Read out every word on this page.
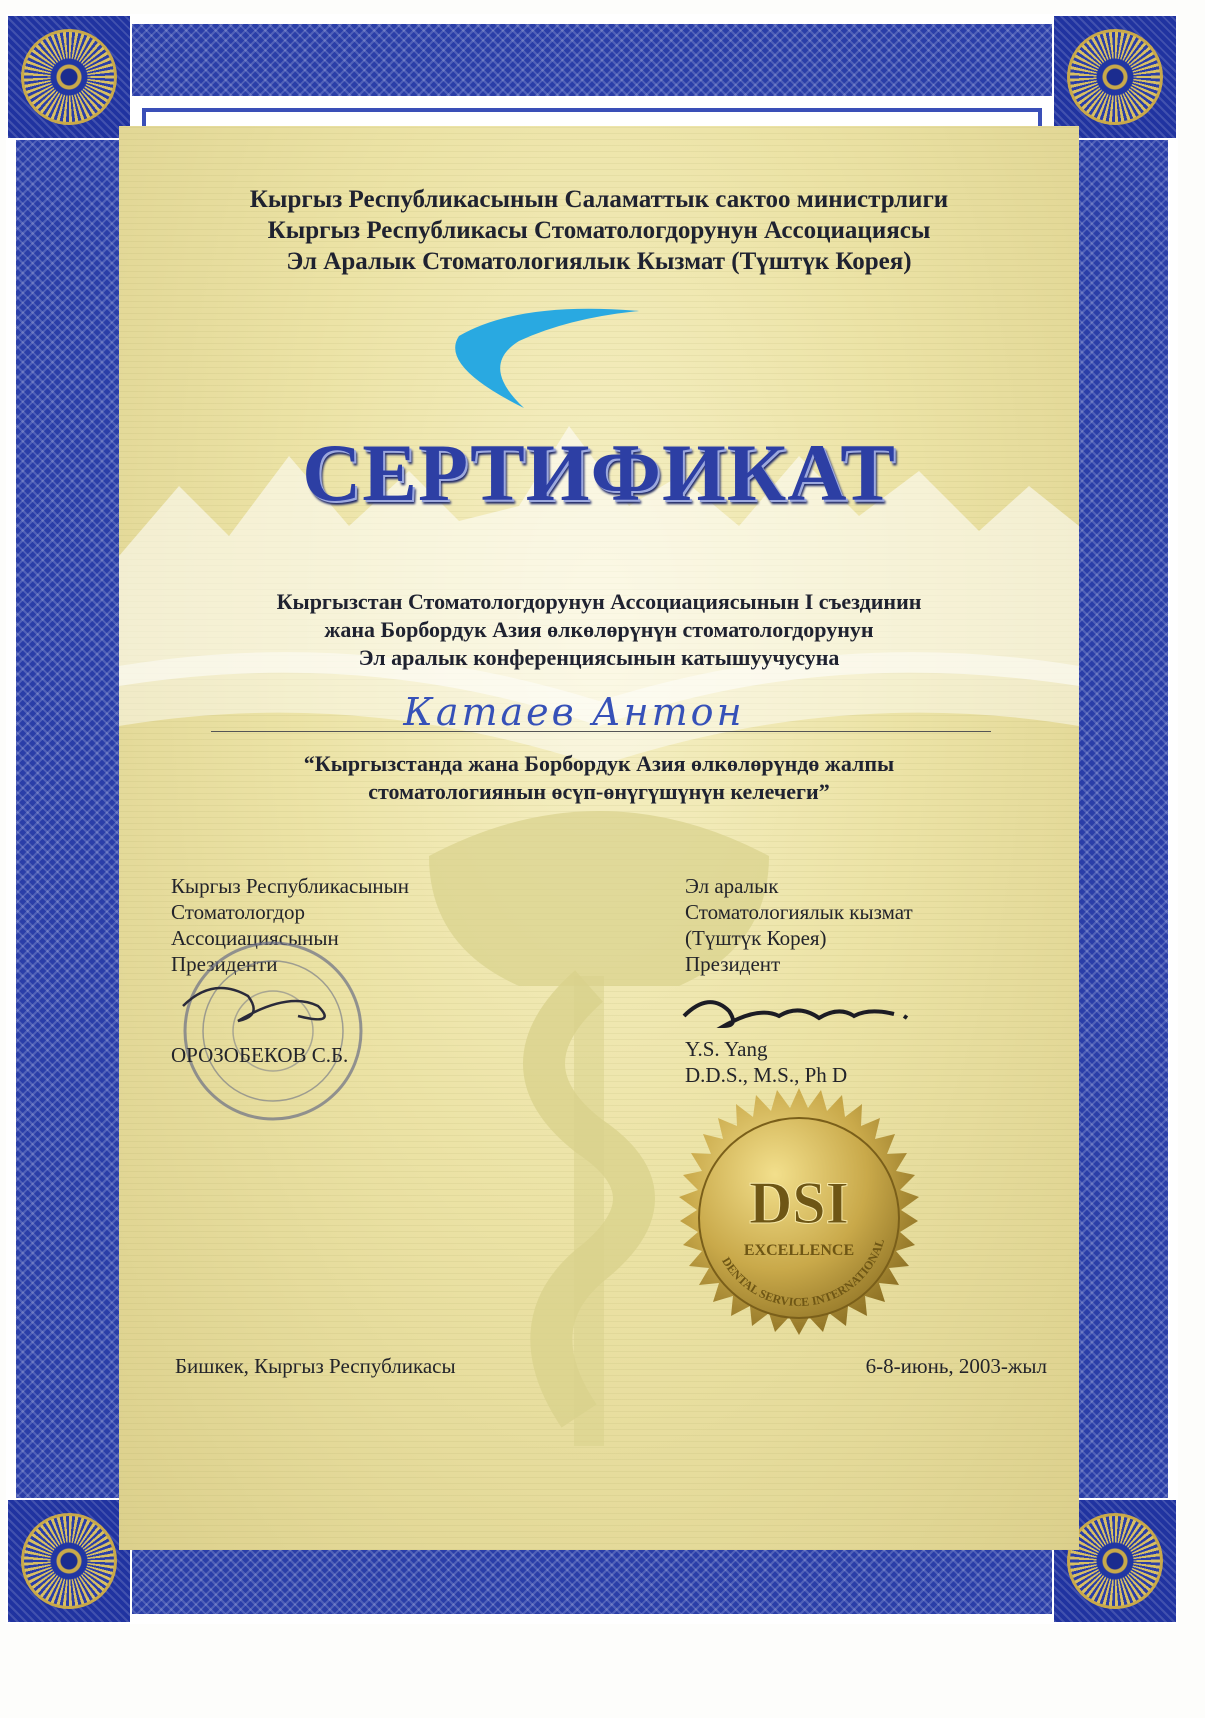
Кыргыз Республикасынын Саламаттык сактоо министрлиги
Кыргыз Республикасы Стоматологдорунун Ассоциациясы
Эл Аралык Стоматологиялык Кызмат (Түштүк Корея)
СЕРТИФИКАТ
Кыргызстан Стоматологдорунун Ассоциациясынын I съездинин
жана Борбордук Азия өлкөлөрүнүн стоматологдорунун
Эл аралык конференциясынын катышуучусуна
Катаев Антон
“Кыргызстанда жана Борбордук Азия өлкөлөрүндө жалпы
стоматологиянын өсүп-өнүгүшүнүн келечеги”
Кыргыз Республикасынын
Стоматологдор
Ассоциациясынын
Президенти
ОРОЗОБЕКОВ С.Б.
Эл аралык
Стоматологиялык кызмат
(Түштүк Корея)
Президент
Y.S. Yang
D.D.S., M.S., Ph D
DSI
EXCELLENCE
DENTAL SERVICE INTERNATIONAL
Бишкек, Кыргыз Республикасы	6-8-июнь, 2003-жыл
